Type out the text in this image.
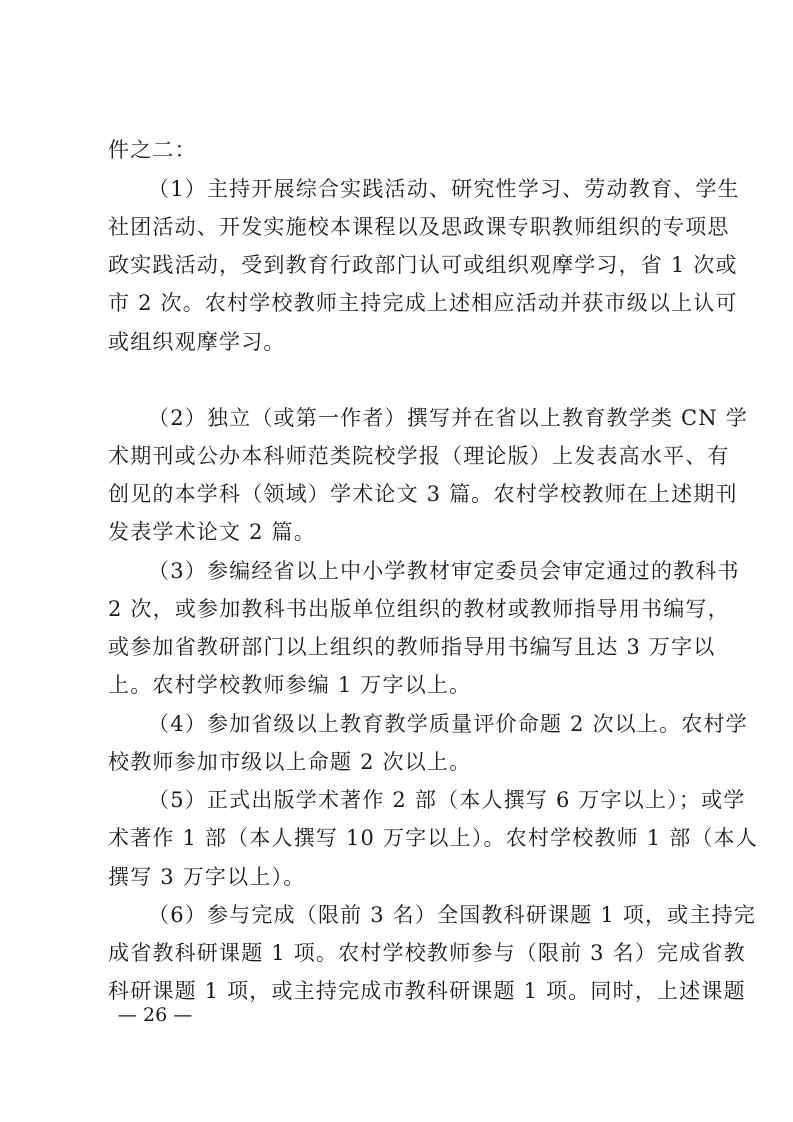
件之二：
（1）主持开展综合实践活动、研究性学习、劳动教育、学生
社团活动、开发实施校本课程以及思政课专职教师组织的专项思
政实践活动，受到教育行政部门认可或组织观摩学习，省 1 次或
市 2 次。农村学校教师主持完成上述相应活动并获市级以上认可
或组织观摩学习。
（2）独立（或第一作者）撰写并在省以上教育教学类 CN 学
术期刊或公办本科师范类院校学报（理论版）上发表高水平、有
创见的本学科（领域）学术论文 3 篇。农村学校教师在上述期刊
发表学术论文 2 篇。
（3）参编经省以上中小学教材审定委员会审定通过的教科书
2 次，或参加教科书出版单位组织的教材或教师指导用书编写，
或参加省教研部门以上组织的教师指导用书编写且达 3 万字以
上。农村学校教师参编 1 万字以上。
（4）参加省级以上教育教学质量评价命题 2 次以上。农村学
校教师参加市级以上命题 2 次以上。
（5）正式出版学术著作 2 部（本人撰写 6 万字以上）；或学
术著作 1 部（本人撰写 10 万字以上）。农村学校教师 1 部（本人
撰写 3 万字以上）。
（6）参与完成（限前 3 名）全国教科研课题 1 项，或主持完
成省教科研课题 1 项。农村学校教师参与（限前 3 名）完成省教
科研课题 1 项，或主持完成市教科研课题 1 项。同时，上述课题
— 26 —
